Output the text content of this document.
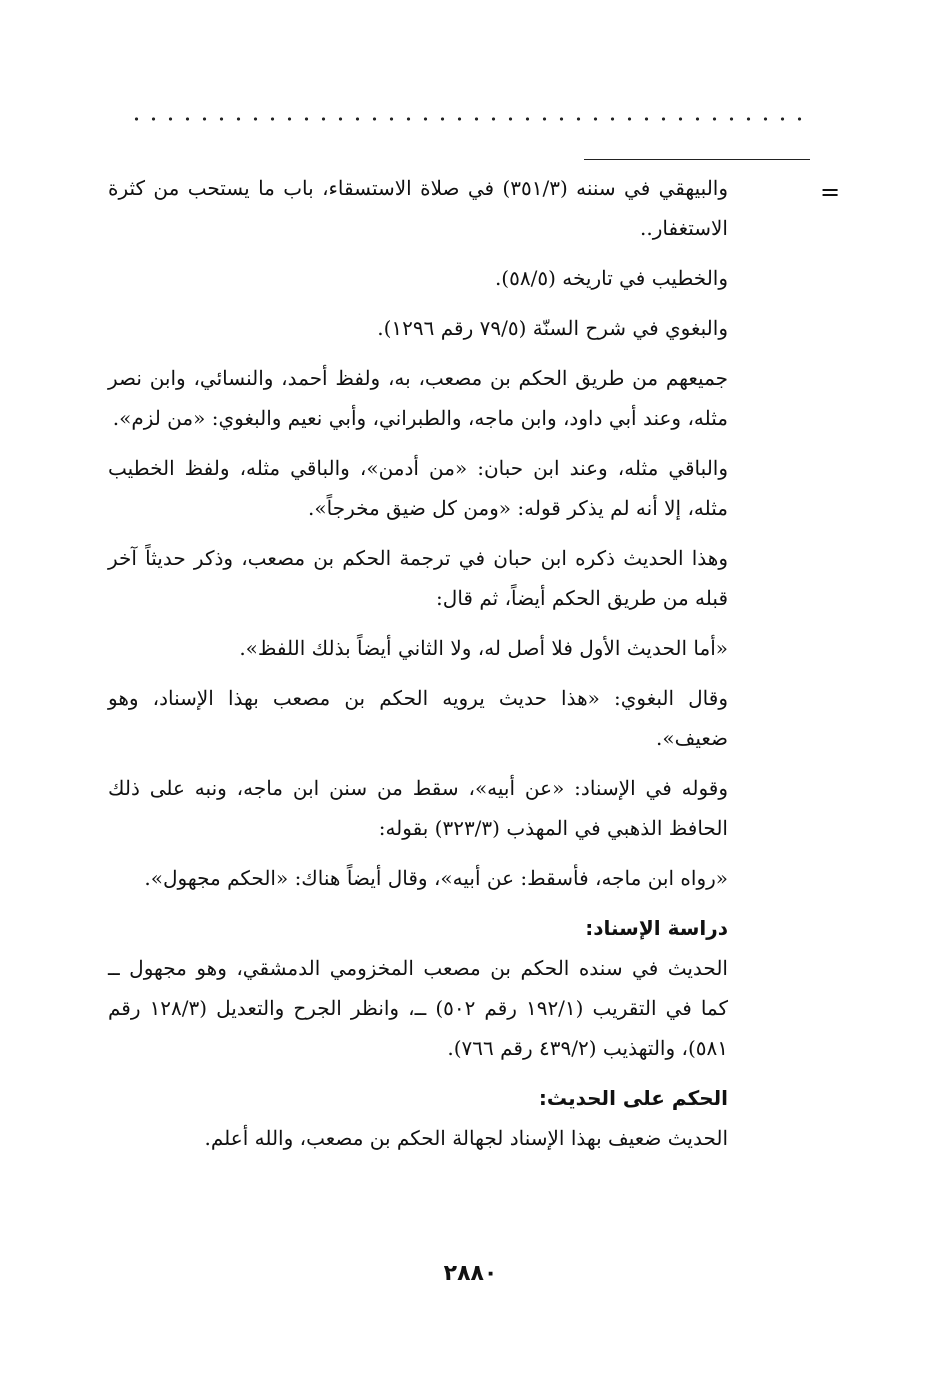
=

والبيهقي في سننه (٣٥١/٣) في صلاة الاستسقاء، باب ما يستحب من كثرة الاستغفار..

والخطيب في تاريخه (٥٨/٥).

والبغوي في شرح السنّة (٧٩/٥ رقم ١٢٩٦).

جميعهم من طريق الحكم بن مصعب، به، ولفظ أحمد، والنسائي، وابن نصر مثله، وعند أبي داود، وابن ماجه، والطبراني، وأبي نعيم والبغوي: «من لزم».

والباقي مثله، وعند ابن حبان: «من أدمن»، والباقي مثله، ولفظ الخطيب مثله، إلا أنه لم يذكر قوله: «ومن كل ضيق مخرجاً».

وهذا الحديث ذكره ابن حبان في ترجمة الحكم بن مصعب، وذكر حديثاً آخر قبله من طريق الحكم أيضاً، ثم قال:

«أما الحديث الأول فلا أصل له، ولا الثاني أيضاً بذلك اللفظ».

وقال البغوي: «هذا حديث يرويه الحكم بن مصعب بهذا الإسناد، وهو ضعيف».

وقوله في الإسناد: «عن أبيه»، سقط من سنن ابن ماجه، ونبه على ذلك الحافظ الذهبي في المهذب (٣٢٣/٣) بقوله:

«رواه ابن ماجه، فأسقط: عن أبيه»، وقال أيضاً هناك: «الحكم مجهول».

دراسة الإسناد:

الحديث في سنده الحكم بن مصعب المخزومي الدمشقي، وهو مجهول ــ كما في التقريب (١٩٢/١ رقم ٥٠٢) ــ، وانظر الجرح والتعديل (١٢٨/٣ رقم ٥٨١)، والتهذيب (٤٣٩/٢ رقم ٧٦٦).

الحكم على الحديث:

الحديث ضعيف بهذا الإسناد لجهالة الحكم بن مصعب، والله أعلم.

٢٨٨٠
